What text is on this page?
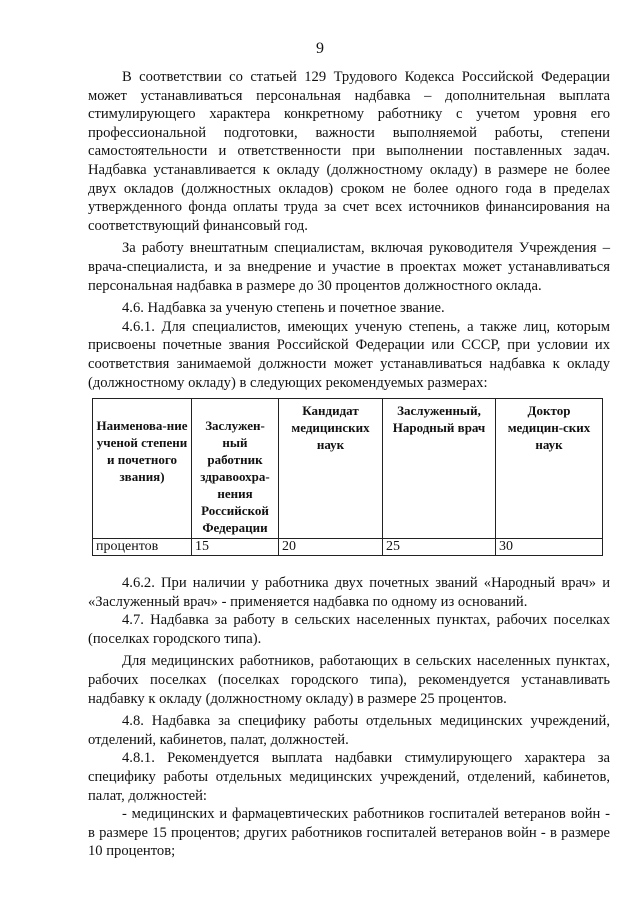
9

В соответствии со статьей 129 Трудового Кодекса Российской Федерации может устанавливаться персональная надбавка – дополнительная выплата стимулирующего характера конкретному работнику с учетом уровня его профессиональной подготовки, важности выполняемой работы, степени самостоятельности и ответственности при выполнении поставленных задач. Надбавка устанавливается к окладу (должностному окладу) в размере не более двух окладов (должностных окладов) сроком не более одного года в пределах утвержденного фонда оплаты труда за счет всех источников финансирования на соответствующий финансовый год.

За работу внештатным специалистам, включая руководителя Учреждения – врача-специалиста, и за внедрение и участие в проектах может устанавливаться персональная надбавка в размере до 30 процентов должностного оклада.

4.6. Надбавка за ученую степень и почетное звание.

4.6.1. Для специалистов, имеющих ученую степень, а также лиц, которым присвоены почетные звания Российской Федерации или СССР, при условии их соответствия занимаемой должности может устанавливаться надбавка к окладу (должностному окладу) в следующих рекомендуемых размерах:

Наименова-ние ученой степени и почетного звания)	Заслужен-ный работник здравоохра-нения Российской Федерации	Кандидат медицинских наук	Заслуженный, Народный врач	Доктор медицин-ских наук
процентов	15	20	25	30

4.6.2. При наличии у работника двух почетных званий «Народный врач» и «Заслуженный врач» - применяется надбавка по одному из оснований.

4.7. Надбавка за работу в сельских населенных пунктах, рабочих поселках (поселках городского типа).

Для медицинских работников, работающих в сельских населенных пунктах, рабочих поселках (поселках городского типа), рекомендуется устанавливать надбавку к окладу (должностному окладу) в размере 25 процентов.

4.8. Надбавка за специфику работы отдельных медицинских учреждений, отделений, кабинетов, палат, должностей.

4.8.1. Рекомендуется выплата надбавки стимулирующего характера за специфику работы отдельных медицинских учреждений, отделений, кабинетов, палат, должностей:

- медицинских и фармацевтических работников госпиталей ветеранов войн - в размере 15 процентов; других работников госпиталей ветеранов войн - в размере 10 процентов;
